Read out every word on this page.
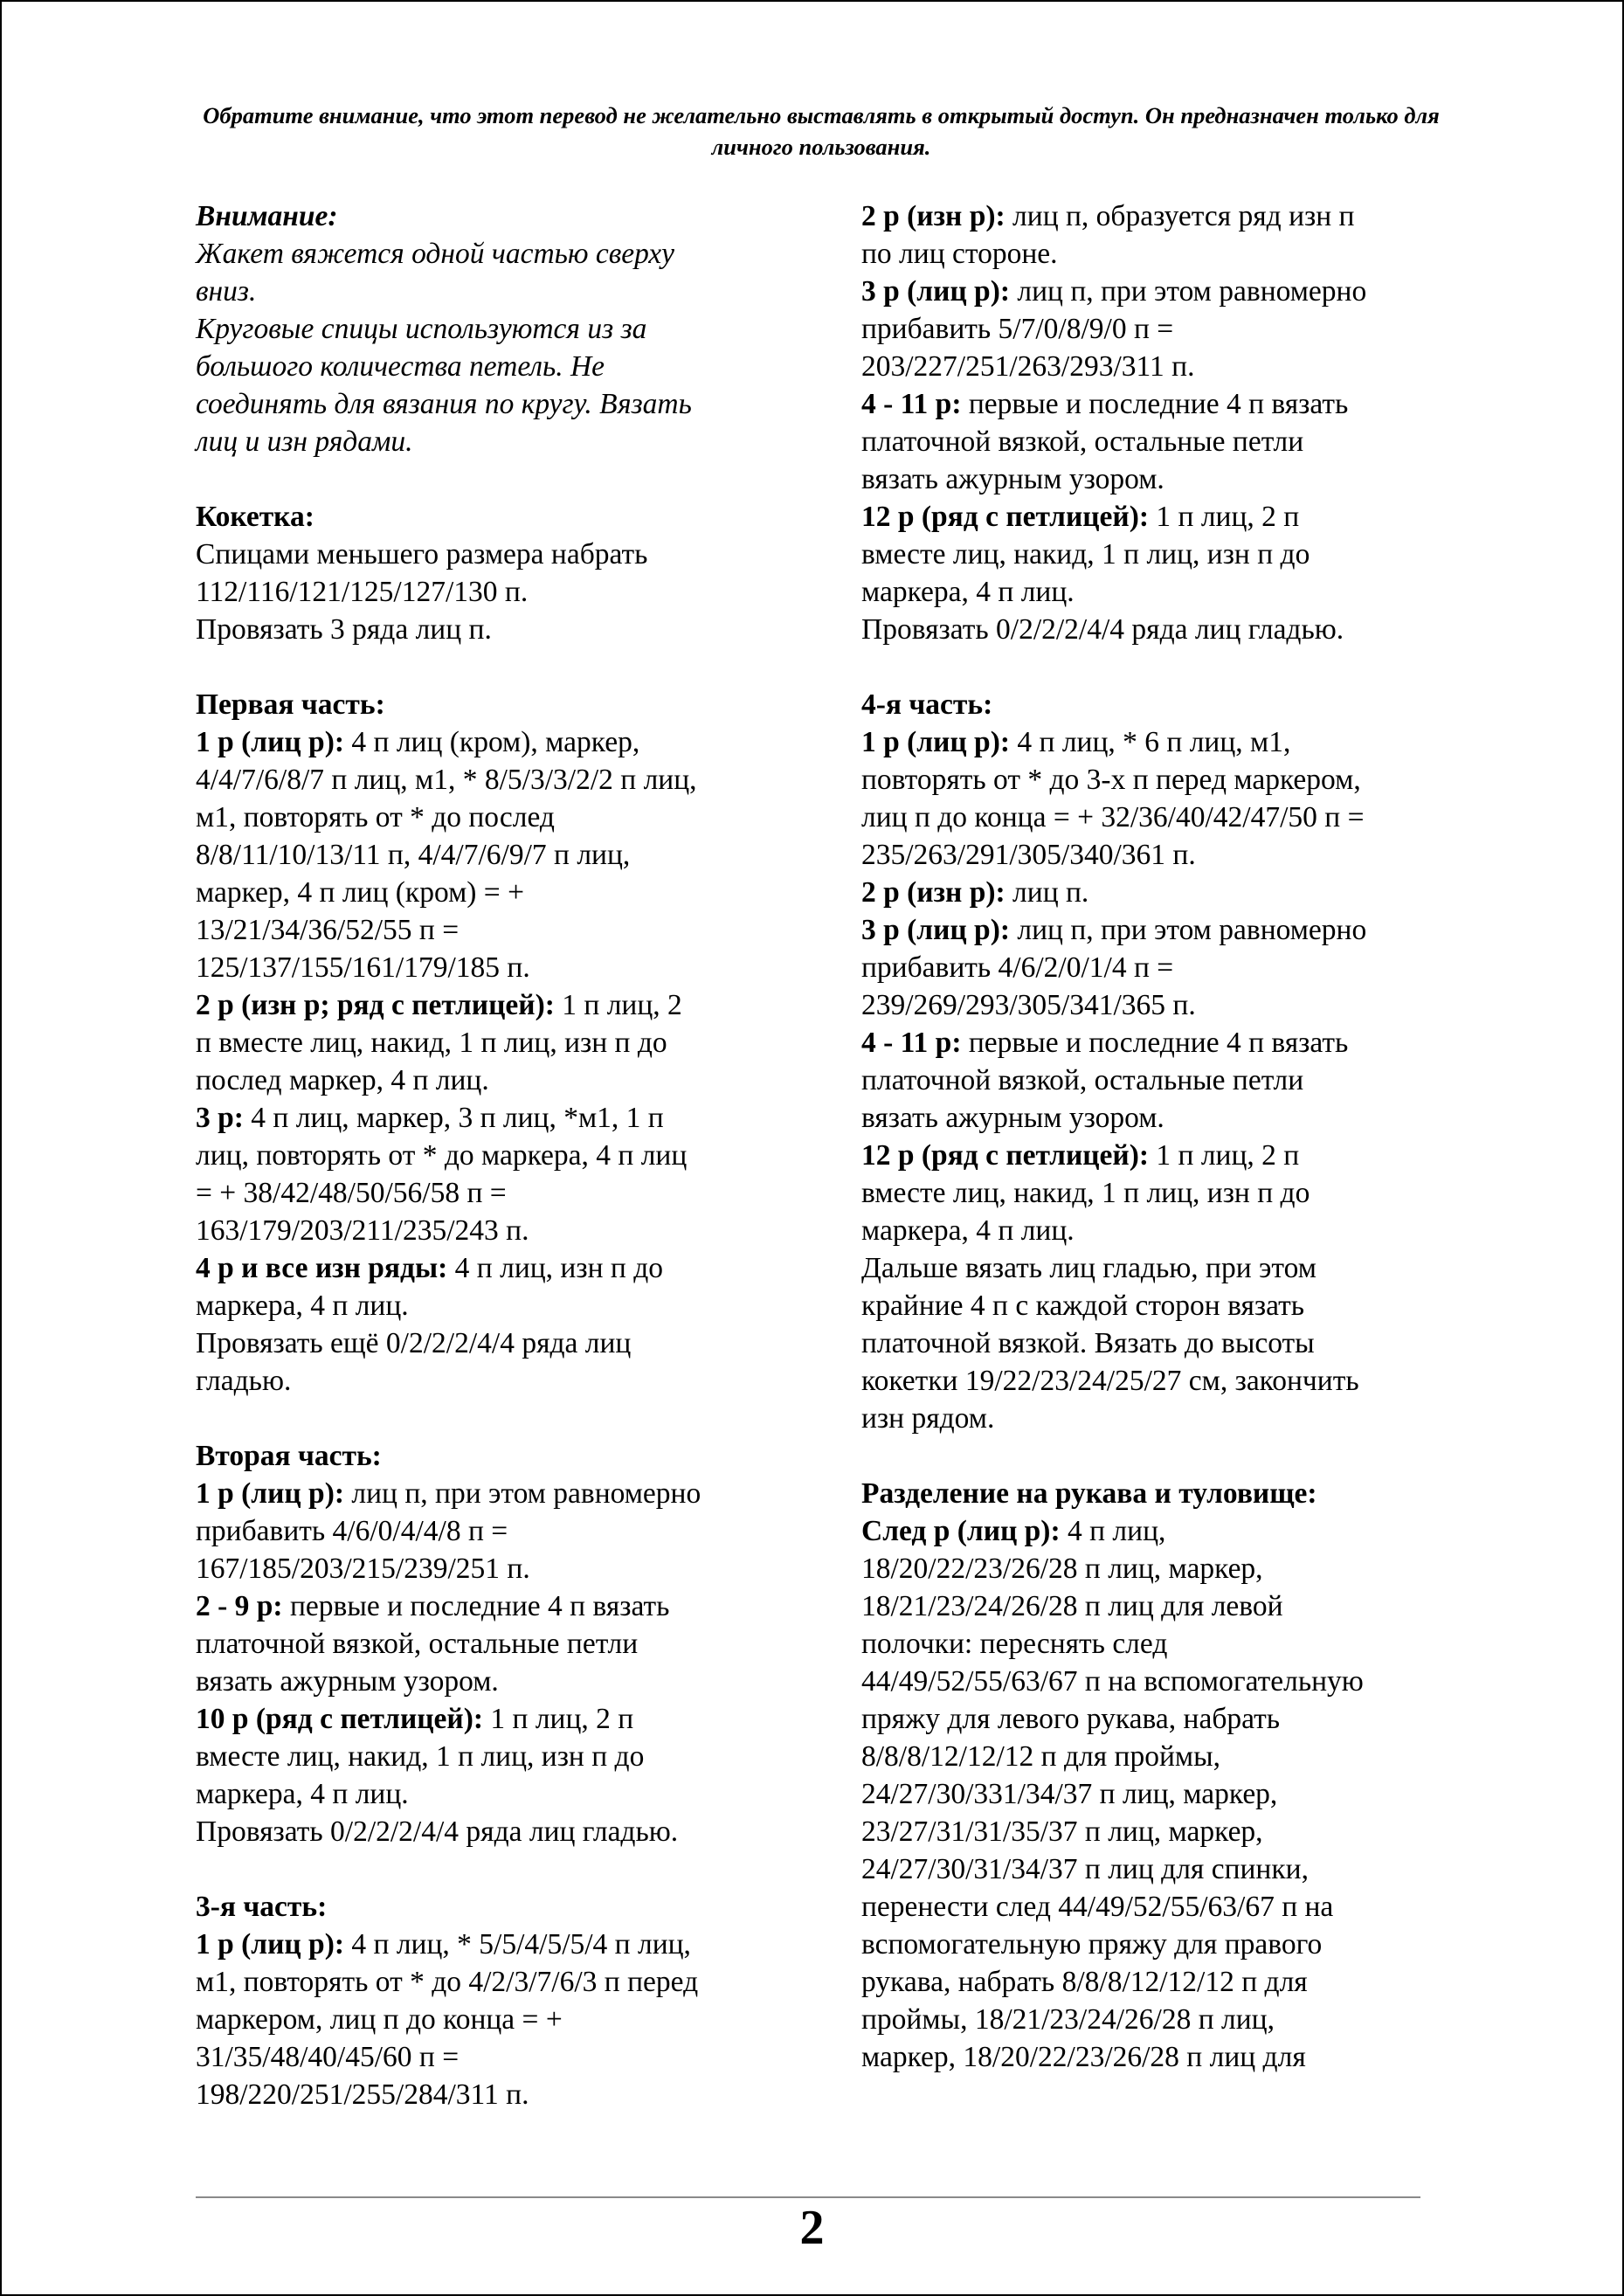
Обратите внимание, что этот перевод не желательно выставлять в открытый доступ. Он предназначен только для личного пользования.

Внимание:

Жакет вяжется одной частью сверху

вниз.

Круговые спицы используются из за

большого количества петель. Не

соединять для вязания по кругу. Вязать

лиц и изн рядами.

Кокетка:

Спицами меньшего размера набрать

112/116/121/125/127/130 п.

Провязать 3 ряда лиц п.

Первая часть:

1 р (лиц р): 4 п лиц (кром), маркер,

4/4/7/6/8/7 п лиц, м1, * 8/5/3/3/2/2 п лиц,

м1, повторять от * до послед

8/8/11/10/13/11 п, 4/4/7/6/9/7 п лиц,

маркер, 4 п лиц (кром) = +

13/21/34/36/52/55 п =

125/137/155/161/179/185 п.

2 р (изн р; ряд с петлицей): 1 п лиц, 2

п вместе лиц, накид, 1 п лиц, изн п до

послед маркер, 4 п лиц.

3 р: 4 п лиц, маркер, 3 п лиц, *м1, 1 п

лиц, повторять от * до маркера, 4 п лиц

= + 38/42/48/50/56/58 п =

163/179/203/211/235/243 п.

4 р и все изн ряды: 4 п лиц, изн п до

маркера, 4 п лиц.

Провязать ещё 0/2/2/2/4/4 ряда лиц

гладью.

Вторая часть:

1 р (лиц р): лиц п, при этом равномерно

прибавить 4/6/0/4/4/8 п =

167/185/203/215/239/251 п.

2 - 9 р: первые и последние 4 п вязать

платочной вязкой, остальные петли

вязать ажурным узором.

10 р (ряд с петлицей): 1 п лиц, 2 п

вместе лиц, накид, 1 п лиц, изн п до

маркера, 4 п лиц.

Провязать 0/2/2/2/4/4 ряда лиц гладью.

3-я часть:

1 р (лиц р): 4 п лиц, * 5/5/4/5/5/4 п лиц,

м1, повторять от * до 4/2/3/7/6/3 п перед

маркером, лиц п до конца = +

31/35/48/40/45/60 п =

198/220/251/255/284/311 п.

2 р (изн р): лиц п, образуется ряд изн п

по лиц стороне.

3 р (лиц р): лиц п, при этом равномерно

прибавить 5/7/0/8/9/0 п =

203/227/251/263/293/311 п.

4 - 11 р: первые и последние 4 п вязать

платочной вязкой, остальные петли

вязать ажурным узором.

12 р (ряд с петлицей): 1 п лиц, 2 п

вместе лиц, накид, 1 п лиц, изн п до

маркера, 4 п лиц.

Провязать 0/2/2/2/4/4 ряда лиц гладью.

4-я часть:

1 р (лиц р): 4 п лиц, * 6 п лиц, м1,

повторять от * до 3-х п перед маркером,

лиц п до конца = + 32/36/40/42/47/50 п =

235/263/291/305/340/361 п.

2 р (изн р): лиц п.

3 р (лиц р): лиц п, при этом равномерно

прибавить 4/6/2/0/1/4 п =

239/269/293/305/341/365 п.

4 - 11 р: первые и последние 4 п вязать

платочной вязкой, остальные петли

вязать ажурным узором.

12 р (ряд с петлицей): 1 п лиц, 2 п

вместе лиц, накид, 1 п лиц, изн п до

маркера, 4 п лиц.

Дальше вязать лиц гладью, при этом

крайние 4 п с каждой сторон вязать

платочной вязкой. Вязать до высоты

кокетки 19/22/23/24/25/27 см, закончить

изн рядом.

Разделение на рукава и туловище:

След р (лиц р): 4 п лиц,

18/20/22/23/26/28 п лиц, маркер,

18/21/23/24/26/28 п лиц для левой

полочки: переснять след

44/49/52/55/63/67 п на вспомогательную

пряжу для левого рукава, набрать

8/8/8/12/12/12 п для проймы,

24/27/30/331/34/37 п лиц, маркер,

23/27/31/31/35/37 п лиц, маркер,

24/27/30/31/34/37 п лиц для спинки,

перенести след 44/49/52/55/63/67 п на

вспомогательную пряжу для правого

рукава, набрать 8/8/8/12/12/12 п для

проймы, 18/21/23/24/26/28 п лиц,

маркер, 18/20/22/23/26/28 п лиц для

2
